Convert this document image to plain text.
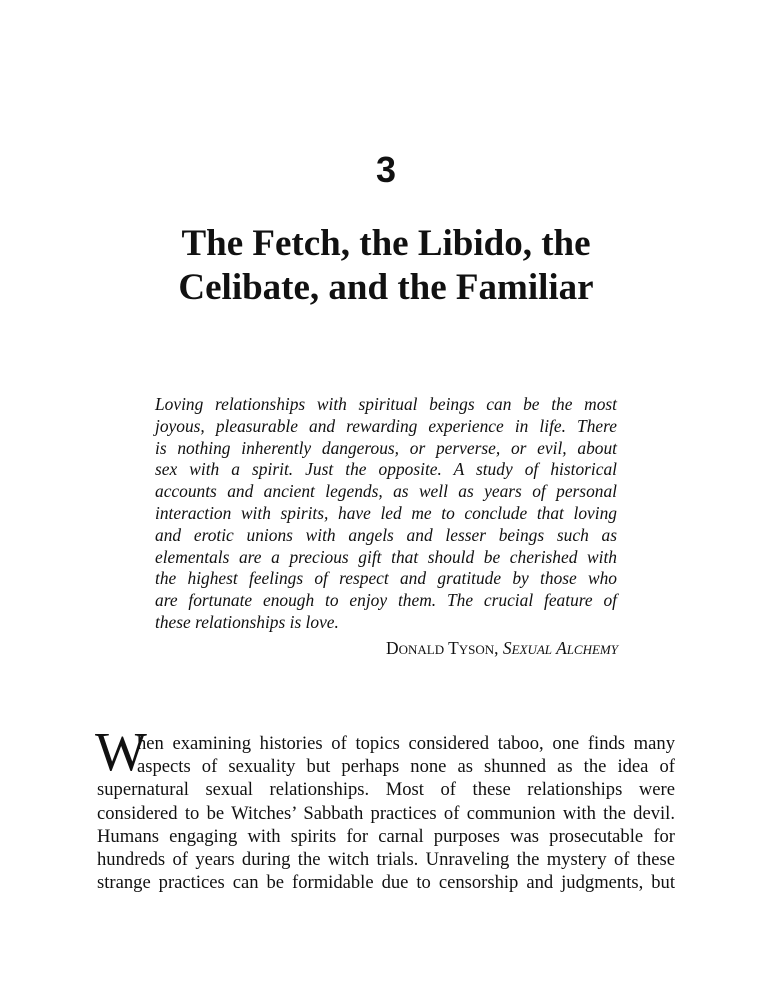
3
The Fetch, the Libido, the
Celibate, and the Familiar

Loving relationships with spiritual beings can be the most

joyous, pleasurable and rewarding experience in life. There

is nothing inherently dangerous, or perverse, or evil, about

sex with a spirit. Just the opposite. A study of historical

accounts and ancient legends, as well as years of personal

interaction with spirits, have led me to conclude that loving

and erotic unions with angels and lesser beings such as

elementals are a precious gift that should be cherished with

the highest feelings of respect and gratitude by those who

are fortunate enough to enjoy them. The crucial feature of

these relationships is love.

DONALD TYSON, SEXUAL ALCHEMY
W

hen examining histories of topics considered taboo, one finds many

aspects of sexuality but perhaps none as shunned as the idea of

supernatural sexual relationships. Most of these relationships were

considered to be Witches’ Sabbath practices of communion with the devil.

Humans engaging with spirits for carnal purposes was prosecutable for

hundreds of years during the witch trials. Unraveling the mystery of these

strange practices can be formidable due to censorship and judgments, but
